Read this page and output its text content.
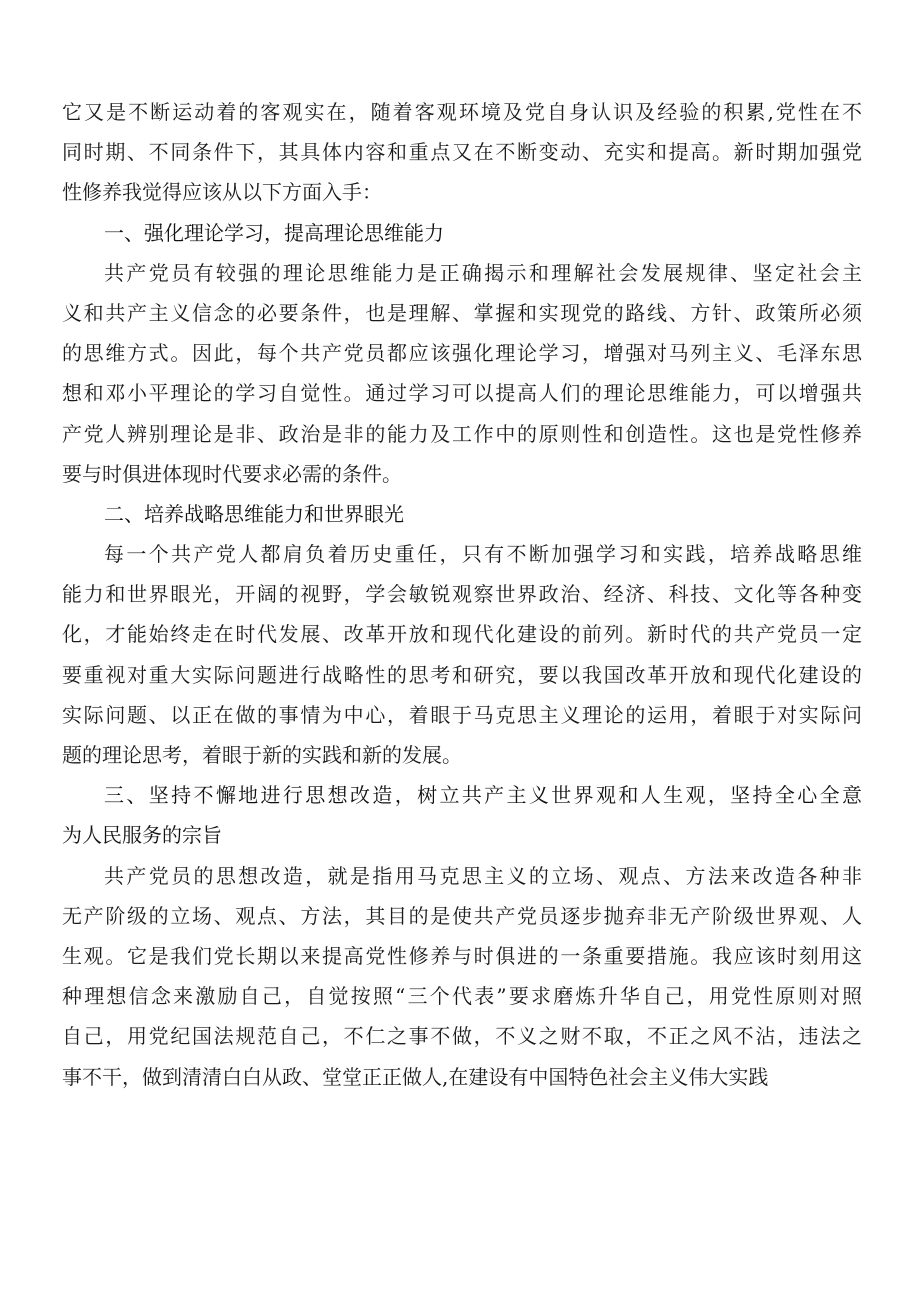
它又是不断运动着的客观实在，随着客观环境及党自身认识及经验的积累,党性在不
同时期、不同条件下，其具体内容和重点又在不断变动、充实和提高。新时期加强党
性修养我觉得应该从以下方面入手：
一、强化理论学习，提高理论思维能力
共产党员有较强的理论思维能力是正确揭示和理解社会发展规律、坚定社会主
义和共产主义信念的必要条件，也是理解、掌握和实现党的路线、方针、政策所必须
的思维方式。因此，每个共产党员都应该强化理论学习，增强对马列主义、毛泽东思
想和邓小平理论的学习自觉性。通过学习可以提高人们的理论思维能力，可以增强共
产党人辨别理论是非、政治是非的能力及工作中的原则性和创造性。这也是党性修养
要与时俱进体现时代要求必需的条件。
二、培养战略思维能力和世界眼光
每一个共产党人都肩负着历史重任，只有不断加强学习和实践，培养战略思维
能力和世界眼光，开阔的视野，学会敏锐观察世界政治、经济、科技、文化等各种变
化，才能始终走在时代发展、改革开放和现代化建设的前列。新时代的共产党员一定
要重视对重大实际问题进行战略性的思考和研究，要以我国改革开放和现代化建设的
实际问题、以正在做的事情为中心，着眼于马克思主义理论的运用，着眼于对实际问
题的理论思考，着眼于新的实践和新的发展。
三、坚持不懈地进行思想改造，树立共产主义世界观和人生观，坚持全心全意
为人民服务的宗旨
共产党员的思想改造，就是指用马克思主义的立场、观点、方法来改造各种非
无产阶级的立场、观点、方法，其目的是使共产党员逐步抛弃非无产阶级世界观、人
生观。它是我们党长期以来提高党性修养与时俱进的一条重要措施。我应该时刻用这
种理想信念来激励自己，自觉按照“三个代表”要求磨炼升华自己，用党性原则对照
自己，用党纪国法规范自己，不仁之事不做，不义之财不取，不正之风不沾，违法之
事不干，做到清清白白从政、堂堂正正做人,在建设有中国特色社会主义伟大实践
